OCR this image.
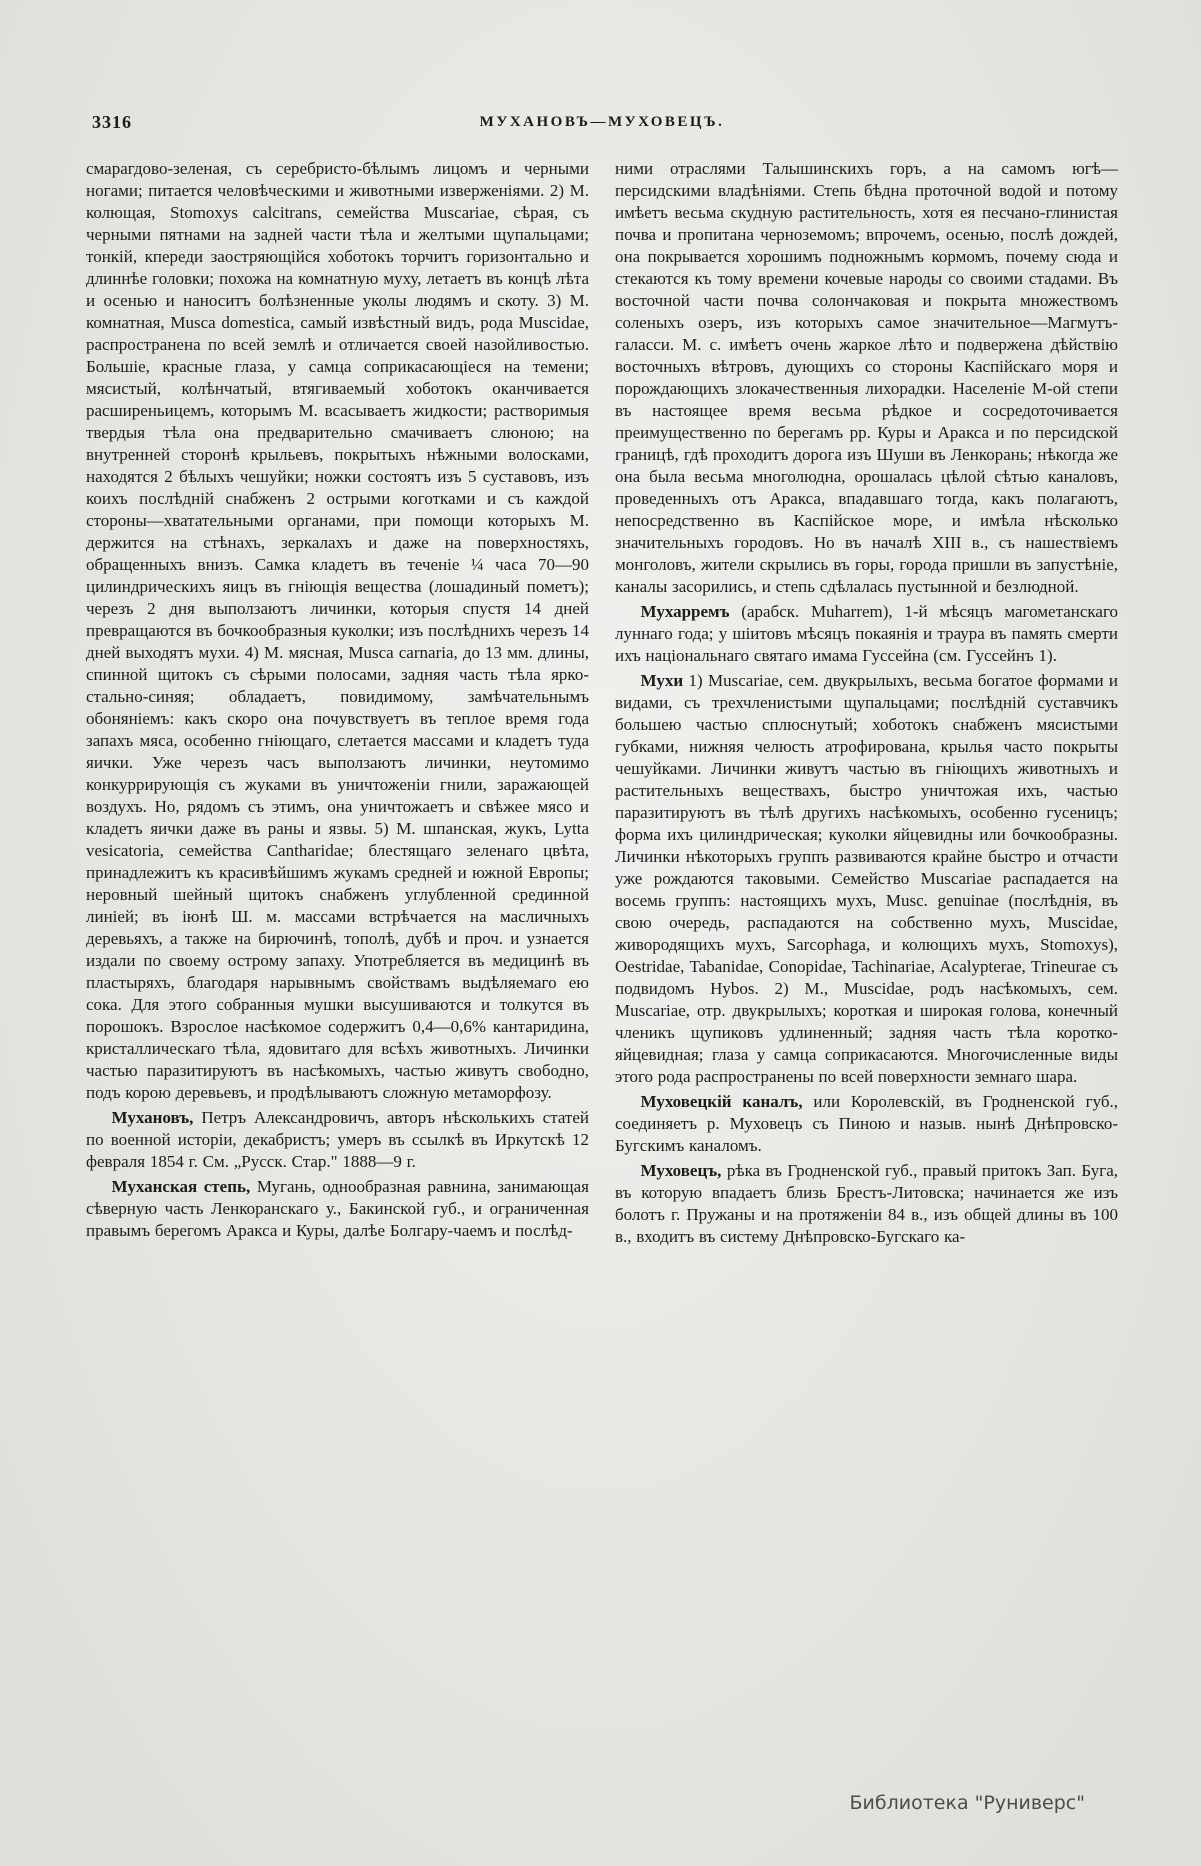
3316	МУХАНОВЪ—МУХОВЕЦЪ.

смарагдово-зеленая, съ серебристо-бѣлымъ лицомъ и черными ногами; питается человѣческими и животными изверженіями. 2) М. колющая, Stomoxys calcitrans, семейства Muscariae, сѣрая, съ черными пятнами на задней части тѣла и желтыми щупальцами; тонкій, кпереди заостряющійся хоботокъ торчитъ горизонтально и длиннѣе головки; похожа на комнатную муху, летаетъ въ концѣ лѣта и осенью и наноситъ болѣзненные уколы людямъ и скоту. 3) М. комнатная, Musca domestica, самый извѣстный видъ, рода Muscidae, распространена по всей землѣ и отличается своей назойливостью. Большіе, красные глаза, у самца соприкасающіеся на темени; мясистый, колѣнчатый, втягиваемый хоботокъ оканчивается расширеньицемъ, которымъ М. всасываетъ жидкости; растворимыя твердыя тѣла она предварительно смачиваетъ слюною; на внутренней сторонѣ крыльевъ, покрытыхъ нѣжными волосками, находятся 2 бѣлыхъ чешуйки; ножки состоятъ изъ 5 суставовъ, изъ коихъ послѣдній снабженъ 2 острыми коготками и съ каждой стороны—хватательными органами, при помощи которыхъ М. держится на стѣнахъ, зеркалахъ и даже на поверхностяхъ, обращенныхъ внизъ. Самка кладетъ въ теченіе ¼ часа 70—90 цилиндрическихъ яицъ въ гніющія вещества (лошадиный пометъ); черезъ 2 дня выползаютъ личинки, которыя спустя 14 дней превращаются въ бочкообразныя куколки; изъ послѣднихъ черезъ 14 дней выходятъ мухи. 4) М. мясная, Musca carnaria, до 13 мм. длины, спинной щитокъ съ сѣрыми полосами, задняя часть тѣла ярко-стально-синяя; обладаетъ, повидимому, замѣчательнымъ обоняніемъ: какъ скоро она почувствуетъ въ теплое время года запахъ мяса, особенно гніющаго, слетается массами и кладетъ туда яички. Уже черезъ часъ выползаютъ личинки, неутомимо конкуррирующія съ жуками въ уничтоженіи гнили, заражающей воздухъ. Но, рядомъ съ этимъ, она уничтожаетъ и свѣжее мясо и кладетъ яички даже въ раны и язвы. 5) М. шпанская, жукъ, Lytta vesicatoria, семейства Cantharidae; блестящаго зеленаго цвѣта, принадлежитъ къ красивѣйшимъ жукамъ средней и южной Европы; неровный шейный щитокъ снабженъ углубленной срединной линіей; въ іюнѣ Ш. м. массами встрѣчается на масличныхъ деревьяхъ, а также на бирючинѣ, тополѣ, дубѣ и проч. и узнается издали по своему острому запаху. Употребляется въ медицинѣ въ пластыряхъ, благодаря нарывнымъ свойствамъ выдѣляемаго ею сока. Для этого собранныя мушки высушиваются и толкутся въ порошокъ. Взрослое насѣкомое содержитъ 0,4—0,6% кантаридина, кристаллическаго тѣла, ядовитаго для всѣхъ животныхъ. Личинки частью паразитируютъ въ насѣкомыхъ, частью живутъ свободно, подъ корою деревьевъ, и продѣлываютъ сложную метаморфозу.

Мухановъ, Петръ Александровичъ, авторъ нѣсколькихъ статей по военной исторіи, декабристъ; умеръ въ ссылкѣ въ Иркутскѣ 12 февраля 1854 г. См. „Русск. Стар." 1888—9 г.

Муханская степь, Мугань, однообразная равнина, занимающая сѣверную часть Ленкоранскаго у., Бакинской губ., и ограниченная правымъ берегомъ Аракса и Куры, далѣе Болгару-чаемъ и послѣд-

ними отраслями Талышинскихъ горъ, а на самомъ югѣ—персидскими владѣніями. Степь бѣдна проточной водой и потому имѣетъ весьма скудную растительность, хотя ея песчано-глинистая почва и пропитана черноземомъ; впрочемъ, осенью, послѣ дождей, она покрывается хорошимъ подножнымъ кормомъ, почему сюда и стекаются къ тому времени кочевые народы со своими стадами. Въ восточной части почва солончаковая и покрыта множествомъ соленыхъ озеръ, изъ которыхъ самое значительное—Магмутъ-галасси. М. с. имѣетъ очень жаркое лѣто и подвержена дѣйствію восточныхъ вѣтровъ, дующихъ со стороны Каспійскаго моря и порождающихъ злокачественныя лихорадки. Населеніе М-ой степи въ настоящее время весьма рѣдкое и сосредоточивается преимущественно по берегамъ рр. Куры и Аракса и по персидской границѣ, гдѣ проходитъ дорога изъ Шуши въ Ленкорань; нѣкогда же она была весьма многолюдна, орошалась цѣлой сѣтью каналовъ, проведенныхъ отъ Аракса, впадавшаго тогда, какъ полагаютъ, непосредственно въ Каспійское море, и имѣла нѣсколько значительныхъ городовъ. Но въ началѣ XIII в., съ нашествіемъ монголовъ, жители скрылись въ горы, города пришли въ запустѣніе, каналы засорились, и степь сдѣлалась пустынной и безлюдной.

Мухарремъ (арабск. Muharrem), 1-й мѣсяцъ магометанскаго луннаго года; у шіитовъ мѣсяцъ покаянія и траура въ память смерти ихъ національнаго святаго имама Гуссейна (см. Гуссейнъ 1).

Мухи 1) Muscariae, сем. двукрылыхъ, весьма богатое формами и видами, съ трехчленистыми щупальцами; послѣдній суставчикъ большею частью сплюснутый; хоботокъ снабженъ мясистыми губками, нижняя челюсть атрофирована, крылья часто покрыты чешуйками. Личинки живутъ частью въ гніющихъ животныхъ и растительныхъ веществахъ, быстро уничтожая ихъ, частью паразитируютъ въ тѣлѣ другихъ насѣкомыхъ, особенно гусеницъ; форма ихъ цилиндрическая; куколки яйцевидны или бочкообразны. Личинки нѣкоторыхъ группъ развиваются крайне быстро и отчасти уже рождаются таковыми. Семейство Muscariae распадается на восемь группъ: настоящихъ мухъ, Musc. genuinae (послѣднія, въ свою очередь, распадаются на собственно мухъ, Muscidae, живородящихъ мухъ, Sarcophaga, и колющихъ мухъ, Stomoxys), Oestridae, Tabanidae, Conopidae, Tachinariae, Acalypterae, Trineurae съ подвидомъ Hybos. 2) М., Muscidae, родъ насѣкомыхъ, сем. Muscariae, отр. двукрылыхъ; короткая и широкая голова, конечный членикъ щупиковъ удлиненный; задняя часть тѣла коротко-яйцевидная; глаза у самца соприкасаются. Многочисленные виды этого рода распространены по всей поверхности земнаго шара.

Муховецкій каналъ, или Королевскій, въ Гродненской губ., соединяетъ р. Муховецъ съ Пиною и назыв. нынѣ Днѣпровско-Бугскимъ каналомъ.

Муховецъ, рѣка въ Гродненской губ., правый притокъ Зап. Буга, въ которую впадаетъ близь Брестъ-Литовска; начинается же изъ болотъ г. Пружаны и на протяженіи 84 в., изъ общей длины въ 100 в., входитъ въ систему Днѣпровско-Бугскаго ка-

Библиотека "Руниверс"
